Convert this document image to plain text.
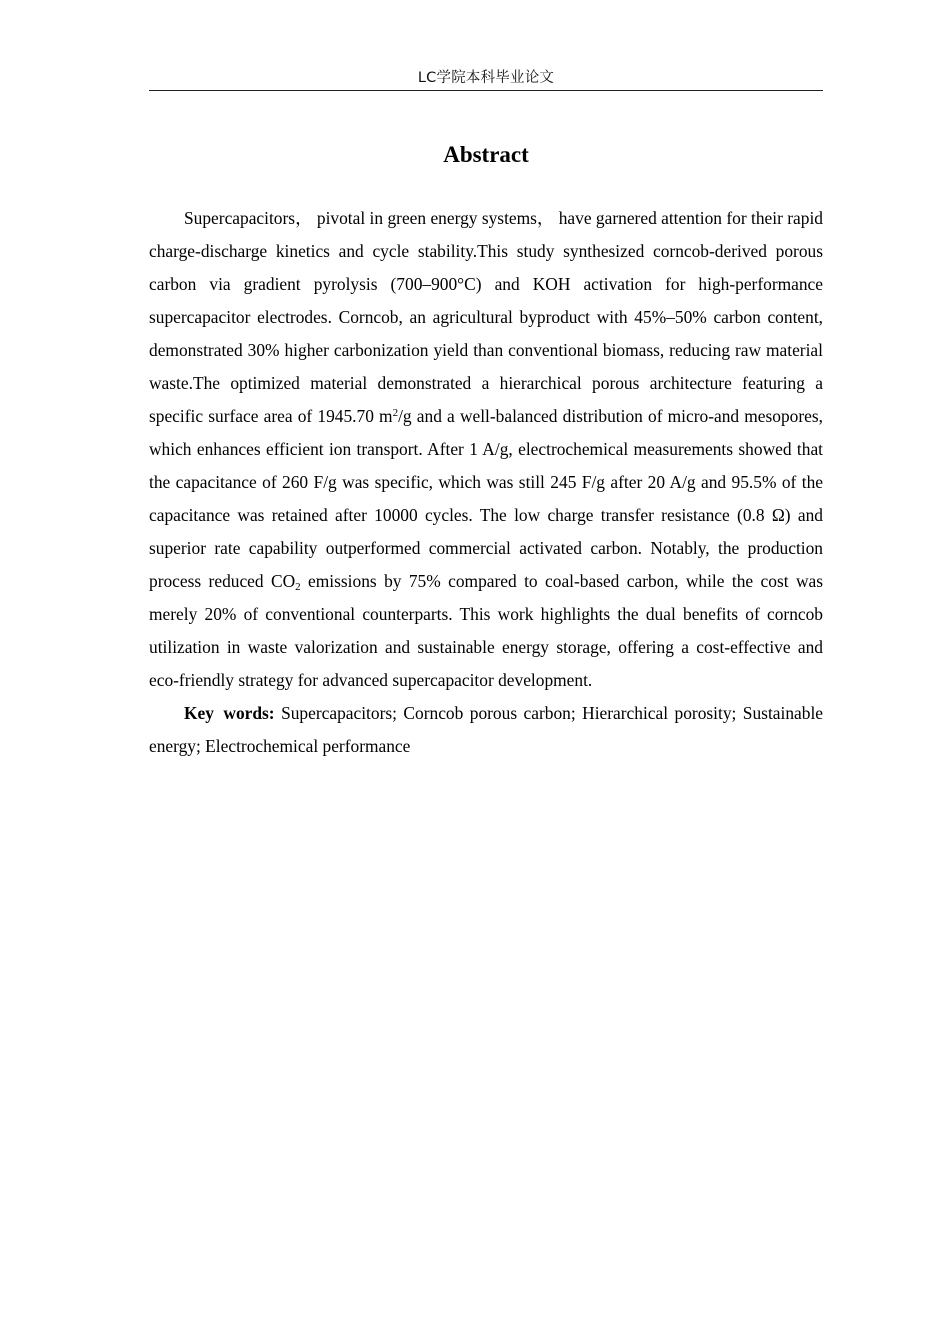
LC学院本科毕业论文
Abstract

Supercapacitors， pivotal in green energy systems， have garnered attention for their rapid charge-discharge kinetics and cycle stability.This study synthesized corncob-derived porous carbon via gradient pyrolysis (700–900°C) and KOH activation for high-performance supercapacitor electrodes. Corncob, an agricultural byproduct with 45%–50% carbon content, demonstrated 30% higher carbonization yield than conventional biomass, reducing raw material waste.The optimized material demonstrated a hierarchical porous architecture featuring a specific surface area of 1945.70 $m^2/g$ and a well-balanced distribution of micro-and mesopores, which enhances efficient ion transport. After 1 A/g, electrochemical measurements showed that the capacitance of 260 F/g was specific, which was still 245 F/g after 20 A/g and 95.5% of the capacitance was retained after 10000 cycles. The low charge transfer resistance (0.8 Ω) and superior rate capability outperformed commercial activated carbon. Notably, the production process reduced $CO_2$ emissions by 75% compared to coal-based carbon, while the cost was merely 20% of conventional counterparts. This work highlights the dual benefits of corncob utilization in waste valorization and sustainable energy storage, offering a cost-effective and eco-friendly strategy for advanced supercapacitor development.

Key words: Supercapacitors; Corncob porous carbon; Hierarchical porosity; Sustainable energy; Electrochemical performance
